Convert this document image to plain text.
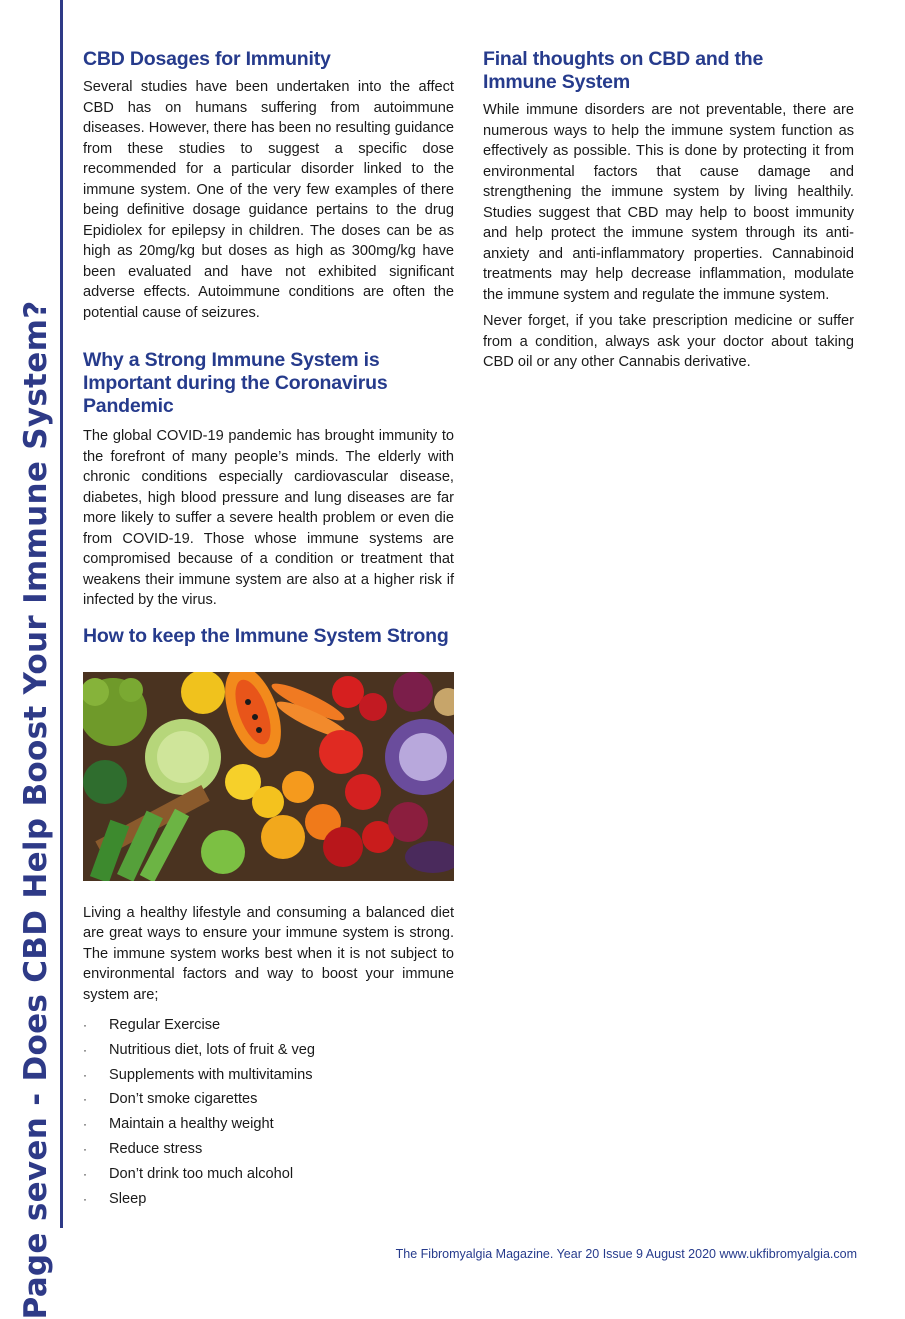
Page seven - Does CBD Help Boost Your Immune System?
CBD Dosages for Immunity

Several studies have been undertaken into the affect CBD has on humans suffering from autoimmune diseases. However, there has been no resulting guidance from these studies to suggest a specific dose recommended for a particular disorder linked to the immune system. One of the very few examples of there being definitive dosage guidance pertains to the drug Epidiolex for epilepsy in children. The doses can be as high as 20mg/kg but doses as high as 300mg/kg have been evaluated and have not exhibited significant adverse effects. Autoimmune conditions are often the potential cause of seizures.

Why a Strong Immune System is Important during the Coronavirus Pandemic

The global COVID-19 pandemic has brought immunity to the forefront of many people’s minds. The elderly with chronic conditions especially cardiovascular disease, diabetes, high blood pressure and lung diseases are far more likely to suffer a severe health problem or even die from COVID-19. Those whose immune systems are compromised because of a condition or treatment that weakens their immune system are also at a higher risk if infected by the virus.

How to keep the Immune System Strong

Living a healthy lifestyle and consuming a balanced diet are great ways to ensure your immune system is strong. The immune system works best when it is not subject to environmental factors and way to boost your immune system are;

· Regular Exercise
· Nutritious diet, lots of fruit & veg
· Supplements with multivitamins
· Don’t smoke cigarettes
· Maintain a healthy weight
· Reduce stress
· Don’t drink too much alcohol
· Sleep
Final thoughts on CBD and the Immune System

While immune disorders are not preventable, there are numerous ways to help the immune system function as effectively as possible. This is done by protecting it from environmental factors that cause damage and strengthening the immune system by living healthily. Studies suggest that CBD may help to boost immunity and help protect the immune system through its anti-anxiety and anti-inflammatory properties. Cannabinoid treatments may help decrease inflammation, modulate the immune system and regulate the immune system.

Never forget, if you take prescription medicine or suffer from a condition, always ask your doctor about taking CBD oil or any other Cannabis derivative.

The Fibromyalgia Magazine. Year 20 Issue 9 August 2020 www.ukfibromyalgia.com
